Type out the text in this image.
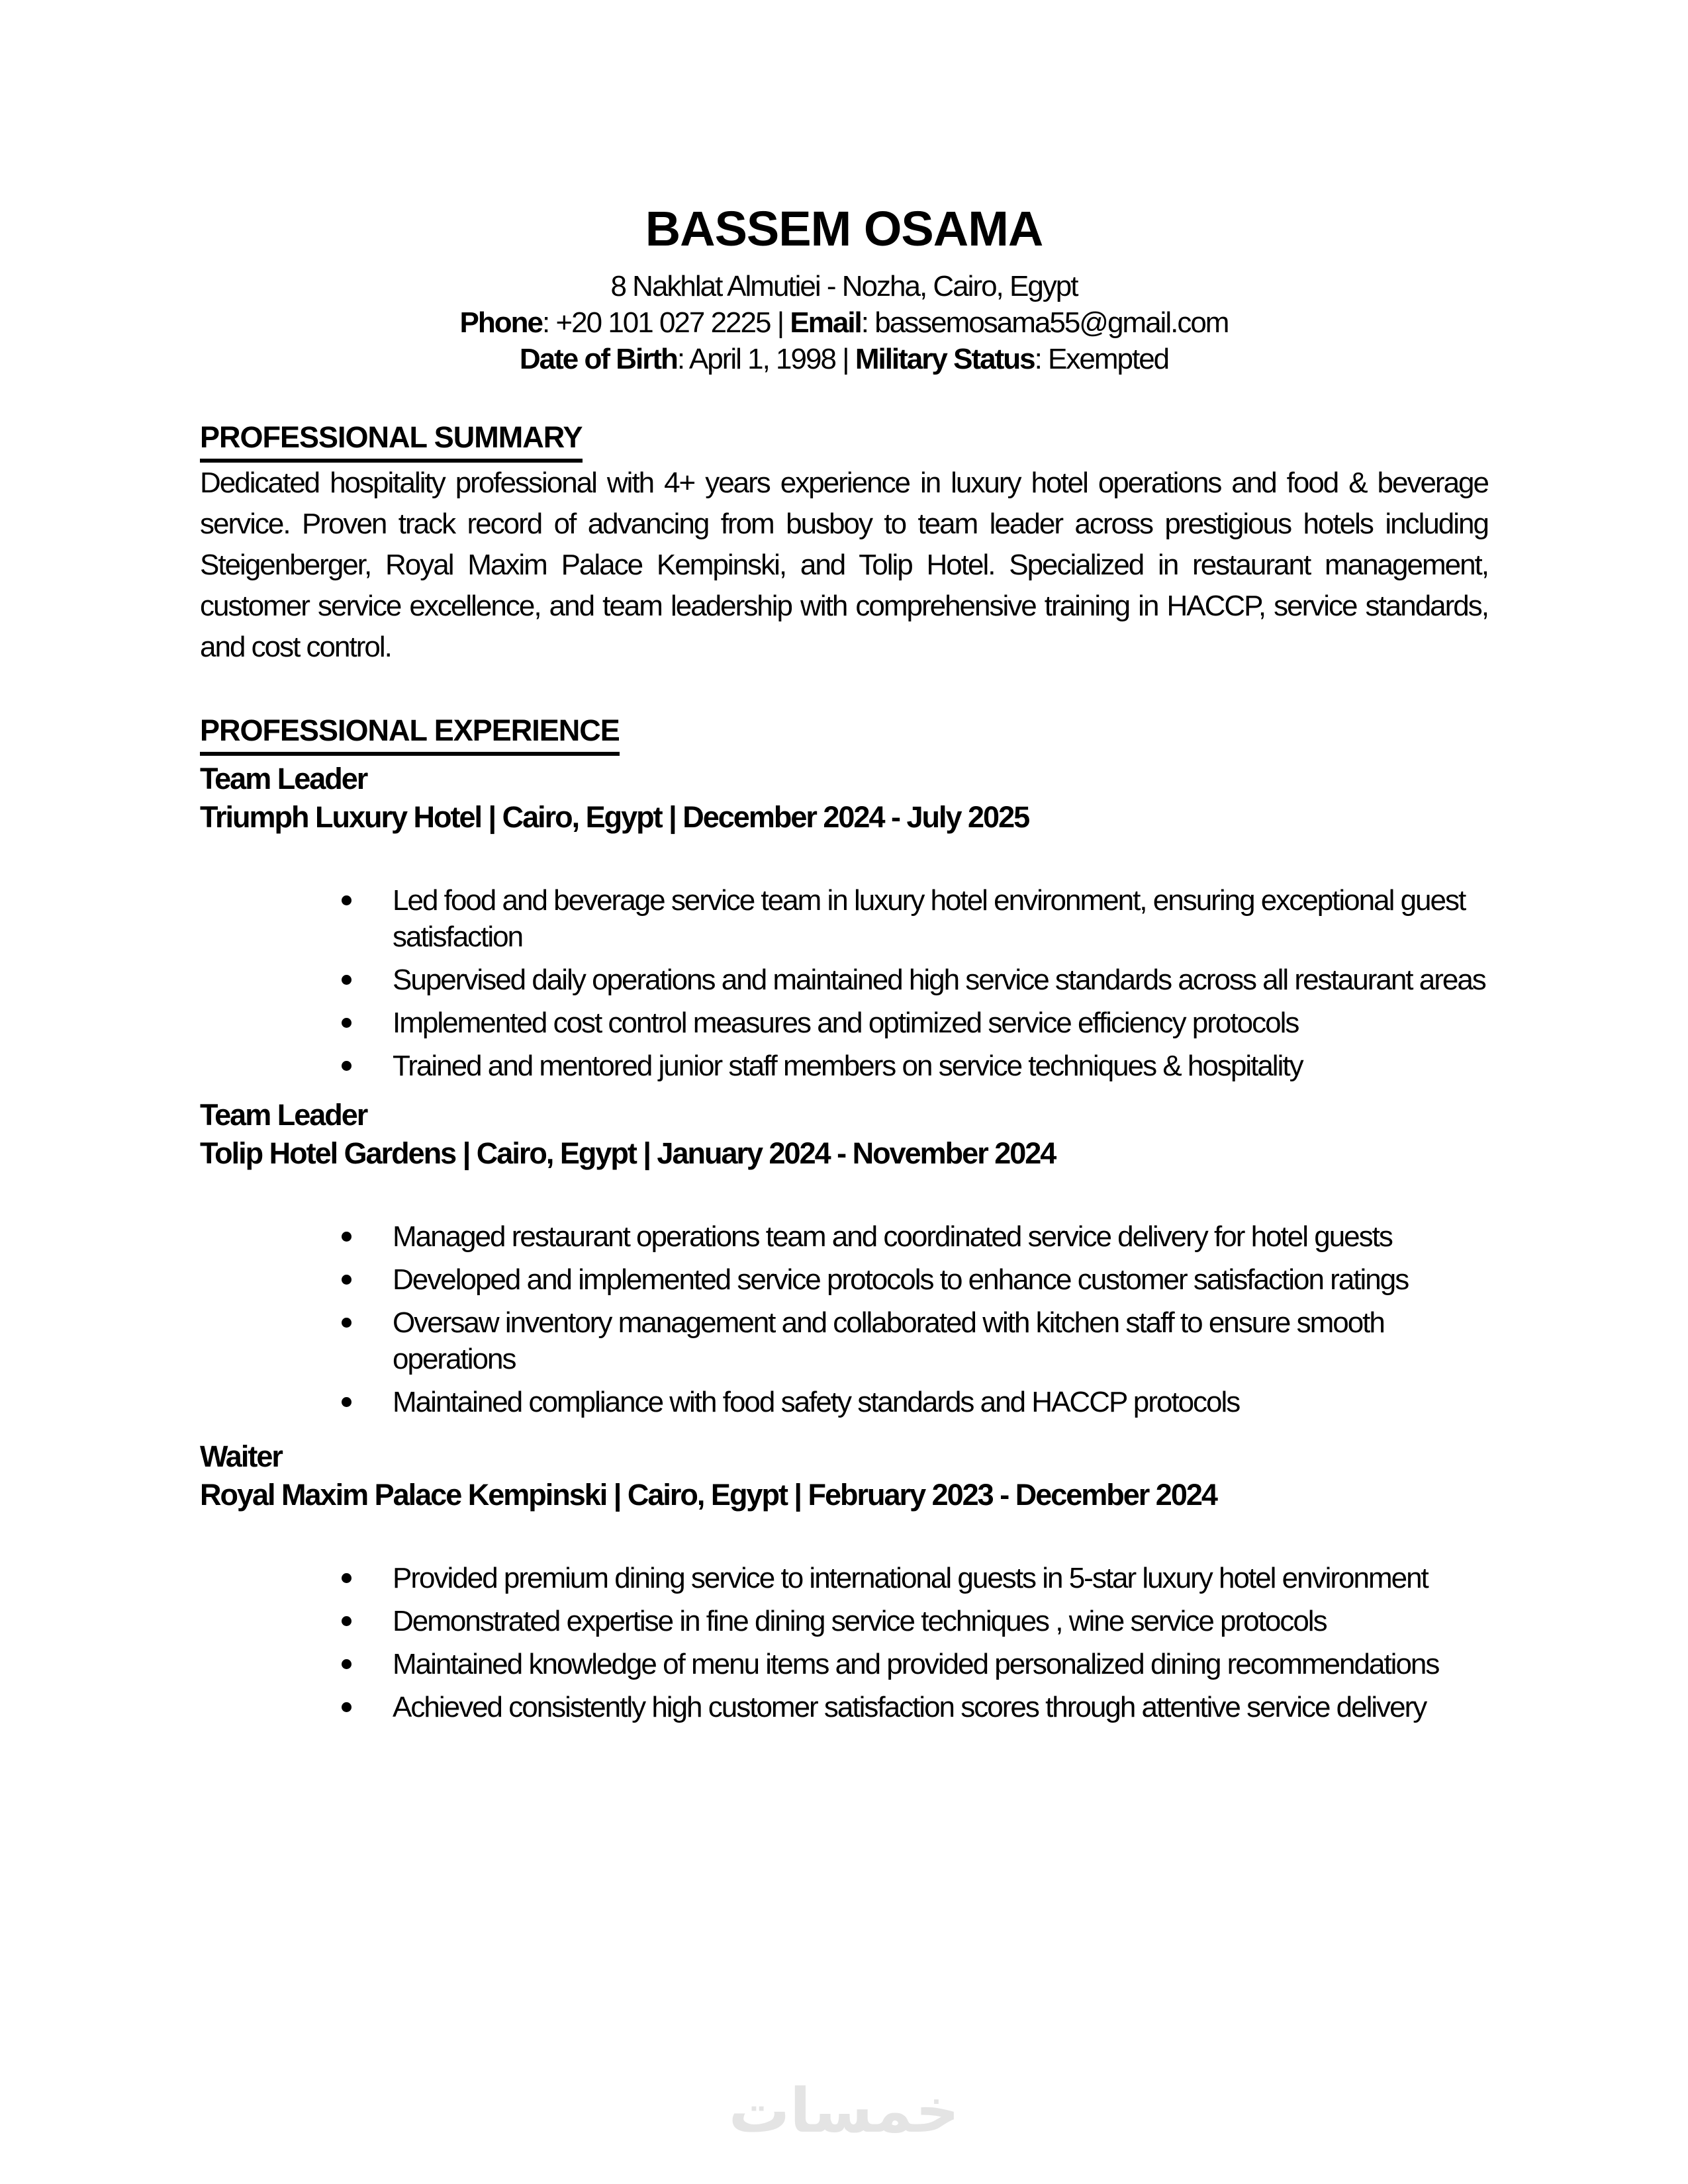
BASSEM OSAMA
8 Nakhlat Almutiei - Nozha, Cairo, Egypt
Phone: +20 101 027 2225 | Email: bassemosama55@gmail.com
Date of Birth: April 1, 1998 | Military Status: Exempted
PROFESSIONAL SUMMARY

Dedicated hospitality professional with 4+ years experience in luxury hotel operations and food & beverage service. Proven track record of advancing from busboy to team leader across prestigious hotels including Steigenberger, Royal Maxim Palace Kempinski, and Tolip Hotel. Specialized in restaurant management, customer service excellence, and team leadership with comprehensive training in HACCP, service standards, and cost control.

PROFESSIONAL EXPERIENCE
Team Leader
Triumph Luxury Hotel | Cairo, Egypt | December 2024 - July 2025
Led food and beverage service team in luxury hotel environment, ensuring exceptional guest satisfaction
Supervised daily operations and maintained high service standards across all restaurant areas
Implemented cost control measures and optimized service efficiency protocols
Trained and mentored junior staff members on service techniques & hospitality
Team Leader
Tolip Hotel Gardens | Cairo, Egypt | January 2024 - November 2024
Managed restaurant operations team and coordinated service delivery for hotel guests
Developed and implemented service protocols to enhance customer satisfaction ratings
Oversaw inventory management and collaborated with kitchen staff to ensure smooth operations
Maintained compliance with food safety standards and HACCP protocols
Waiter
Royal Maxim Palace Kempinski | Cairo, Egypt | February 2023 - December 2024
Provided premium dining service to international guests in 5-star luxury hotel environment
Demonstrated expertise in fine dining service techniques , wine service protocols
Maintained knowledge of menu items and provided personalized dining recommendations
Achieved consistently high customer satisfaction scores through attentive service delivery
خمسات
